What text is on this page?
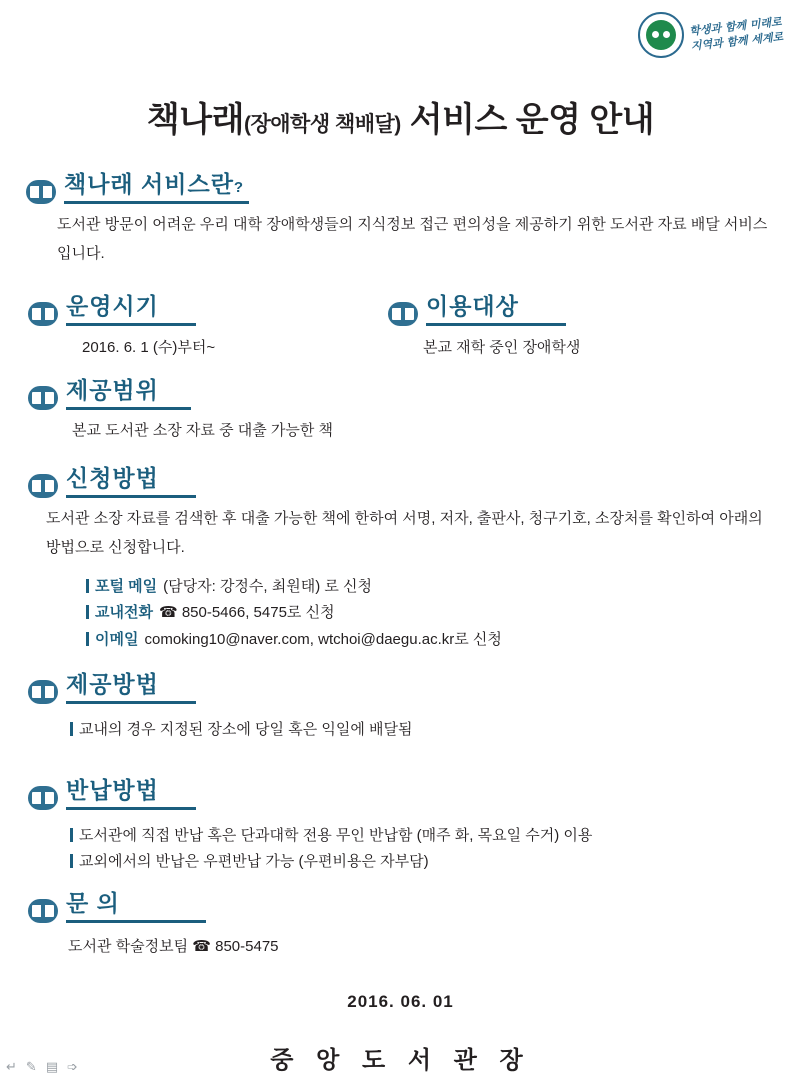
학생과 함께 미래로
지역과 함께 세계로
책나래(장애학생 책배달) 서비스 운영 안내
책나래 서비스란?
도서관 방문이 어려운 우리 대학 장애학생들의 지식정보 접근 편의성을 제공하기 위한 도서관 자료 배달 서비스입니다.
운영시기
2016. 6. 1 (수)부터~
이용대상
본교 재학 중인 장애학생
제공범위
본교 도서관 소장 자료 중 대출 가능한 책
신청방법
도서관 소장 자료를 검색한 후 대출 가능한 책에 한하여 서명, 저자, 출판사, 청구기호, 소장처를 확인하여 아래의 방법으로 신청합니다.
포털 메일 (담당자: 강정수, 최원태) 로 신청
교내전화 ☎ 850-5466, 5475로 신청
이메일 comoking10@naver.com, wtchoi@daegu.ac.kr로 신청
제공방법
교내의 경우 지정된 장소에 당일 혹은 익일에 배달됨
반납방법
도서관에 직접 반납 혹은 단과대학 전용 무인 반납함 (매주 화, 목요일 수거) 이용
교외에서의 반납은 우편반납 가능 (우편비용은 자부담)
문 의
도서관 학술정보팀 ☎ 850-5475
2016. 06. 01
중 앙 도 서 관 장
↵ ✎ ▤ ➩
